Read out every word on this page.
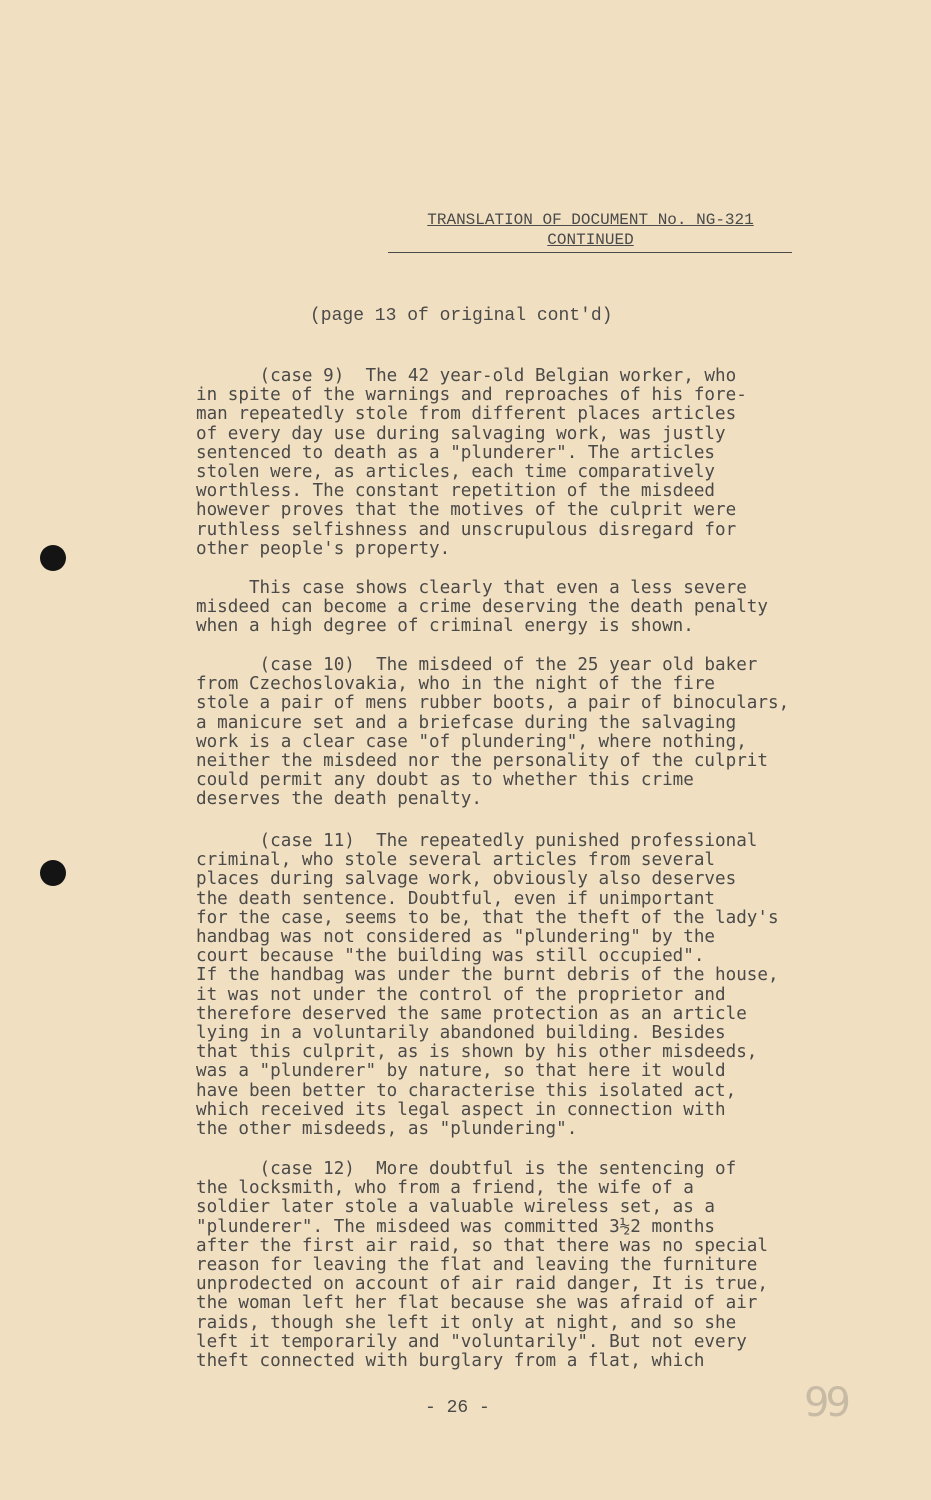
TRANSLATION OF DOCUMENT No. NG-321
CONTINUED
(page 13 of original cont'd)
(case 9)  The 42 year-old Belgian worker, who
in spite of the warnings and reproaches of his fore-
man repeatedly stole from different places articles
of every day use during salvaging work, was justly
sentenced to death as a "plunderer". The articles
stolen were, as articles, each time comparatively
worthless. The constant repetition of the misdeed
however proves that the motives of the culprit were
ruthless selfishness and unscrupulous disregard for
other people's property.
This case shows clearly that even a less severe
misdeed can become a crime deserving the death penalty
when a high degree of criminal energy is shown.
(case 10)  The misdeed of the 25 year old baker
from Czechoslovakia, who in the night of the fire
stole a pair of mens rubber boots, a pair of binoculars,
a manicure set and a briefcase during the salvaging
work is a clear case "of plundering", where nothing,
neither the misdeed nor the personality of the culprit
could permit any doubt as to whether this crime
deserves the death penalty.
(case 11)  The repeatedly punished professional
criminal, who stole several articles from several
places during salvage work, obviously also deserves
the death sentence. Doubtful, even if unimportant
for the case, seems to be, that the theft of the lady's
handbag was not considered as "plundering" by the
court because "the building was still occupied".
If the handbag was under the burnt debris of the house,
it was not under the control of the proprietor and
therefore deserved the same protection as an article
lying in a voluntarily abandoned building. Besides
that this culprit, as is shown by his other misdeeds,
was a "plunderer" by nature, so that here it would
have been better to characterise this isolated act,
which received its legal aspect in connection with
the other misdeeds, as "plundering".
(case 12)  More doubtful is the sentencing of
the locksmith, who from a friend, the wife of a
soldier later stole a valuable wireless set, as a
"plunderer". The misdeed was committed 3½2 months
after the first air raid, so that there was no special
reason for leaving the flat and leaving the furniture
unprodected on account of air raid danger, It is true,
the woman left her flat because she was afraid of air
raids, though she left it only at night, and so she
left it temporarily and "voluntarily". But not every
theft connected with burglary from a flat, which
- 26 -	99
